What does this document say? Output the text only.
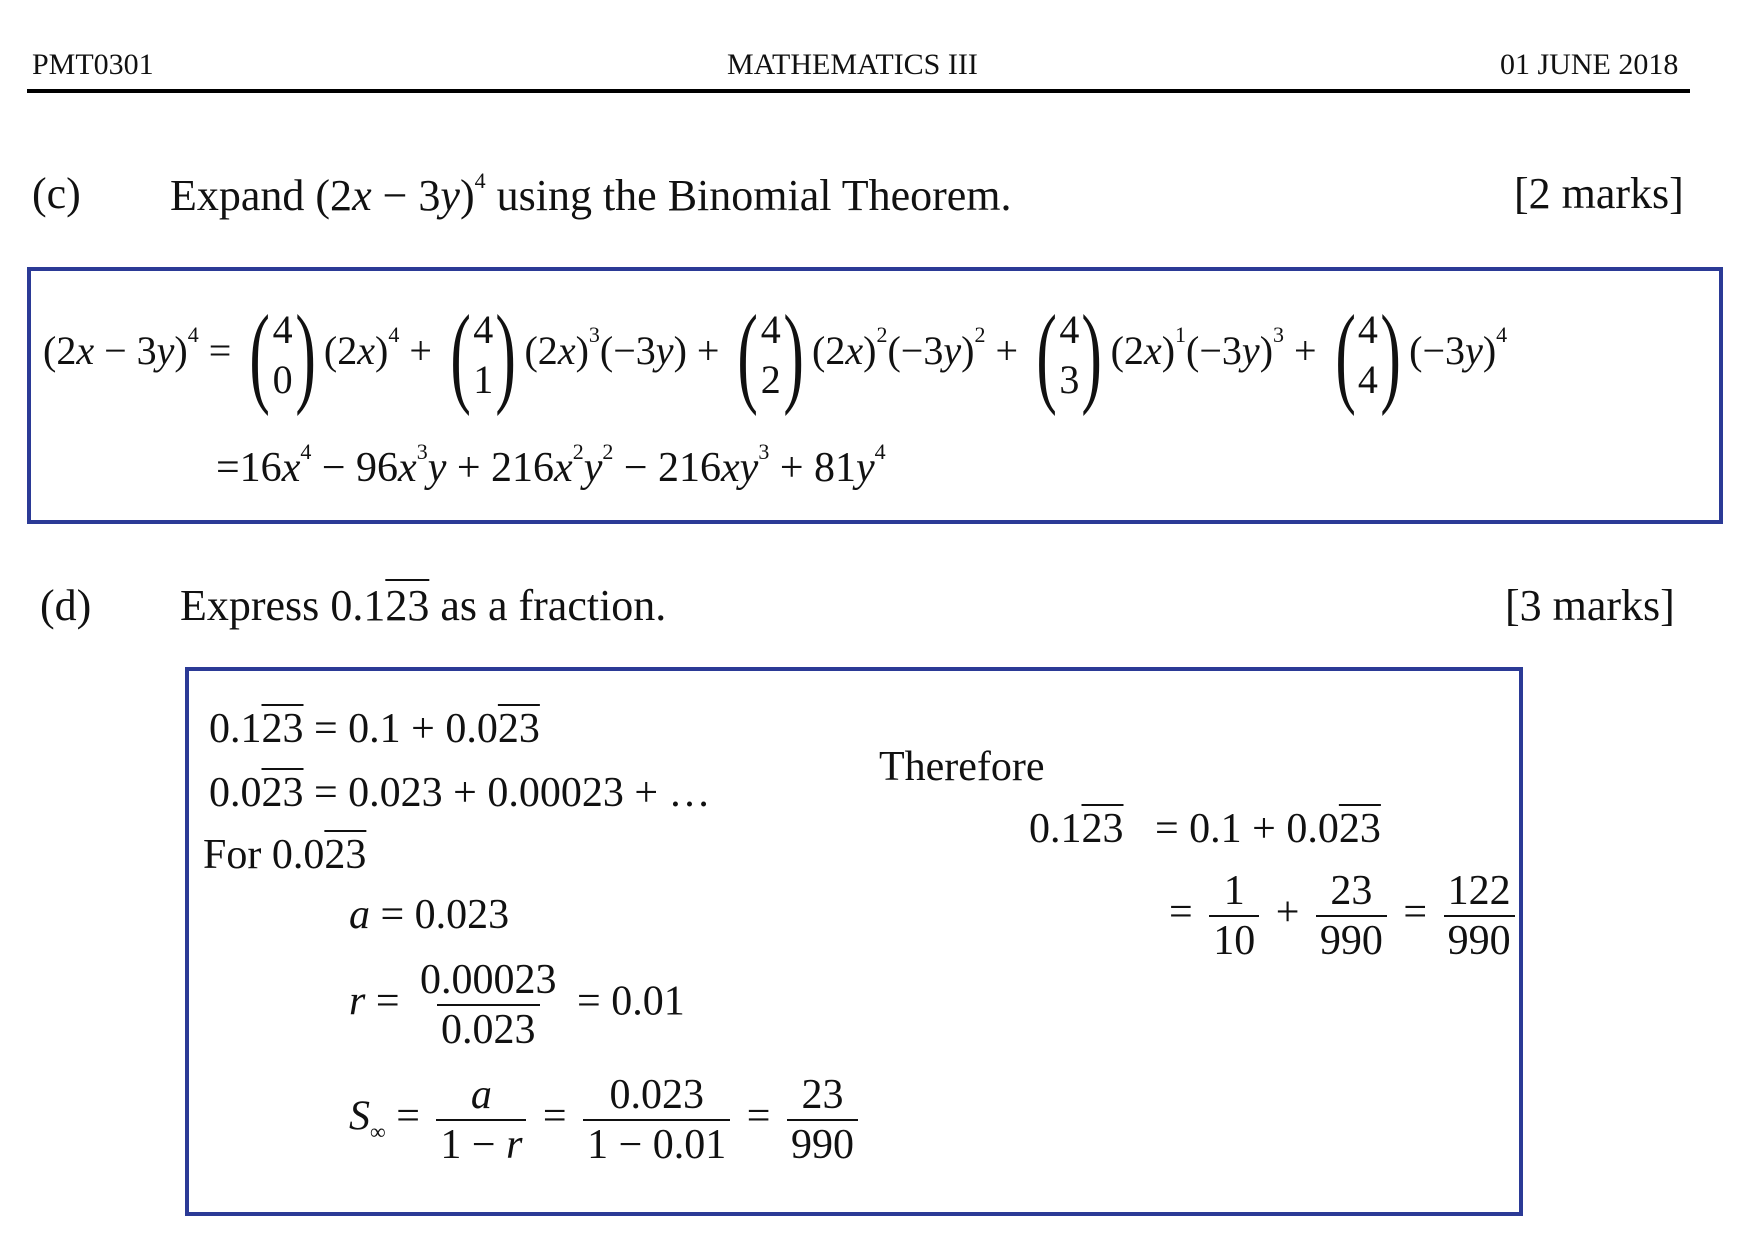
PMT0301	MATHEMATICS III	01 JUNE 2018
(c) Expand $(2x - 3y)^4$ using the Binomial Theorem.	[2 marks]
$(2x - 3y)^4$ = ( 4
0 ) $(2x)^4$ + ( 4
1 ) $(2x)^3(-3y)$ + ( 4
2 ) $(2x)^2(-3y)^2$ + ( 4
3 ) $(2x)^1(-3y)^3$ + ( 4
4 ) $(-3y)^4$
$=16x^4 - 96x^3y + 216x^2y^2 - 216xy^3 + 81y^4$
(d) Express 0.123 as a fraction.	[3 marks]
0.123 = 0.1 + 0.023
0.023 = 0.023 + 0.00023 + …
For 0.023
a = 0.023
$r = \frac{0.00023}{0.023} = 0.01$
$S_\infty = \frac{a}{1 - r} = \frac{0.023}{1 - 0.01} = \frac{23}{990}$
Therefore
0.123   = 0.1 + 0.023
= $\frac{1}{10} + \frac{23}{990} = \frac{122}{990}$
